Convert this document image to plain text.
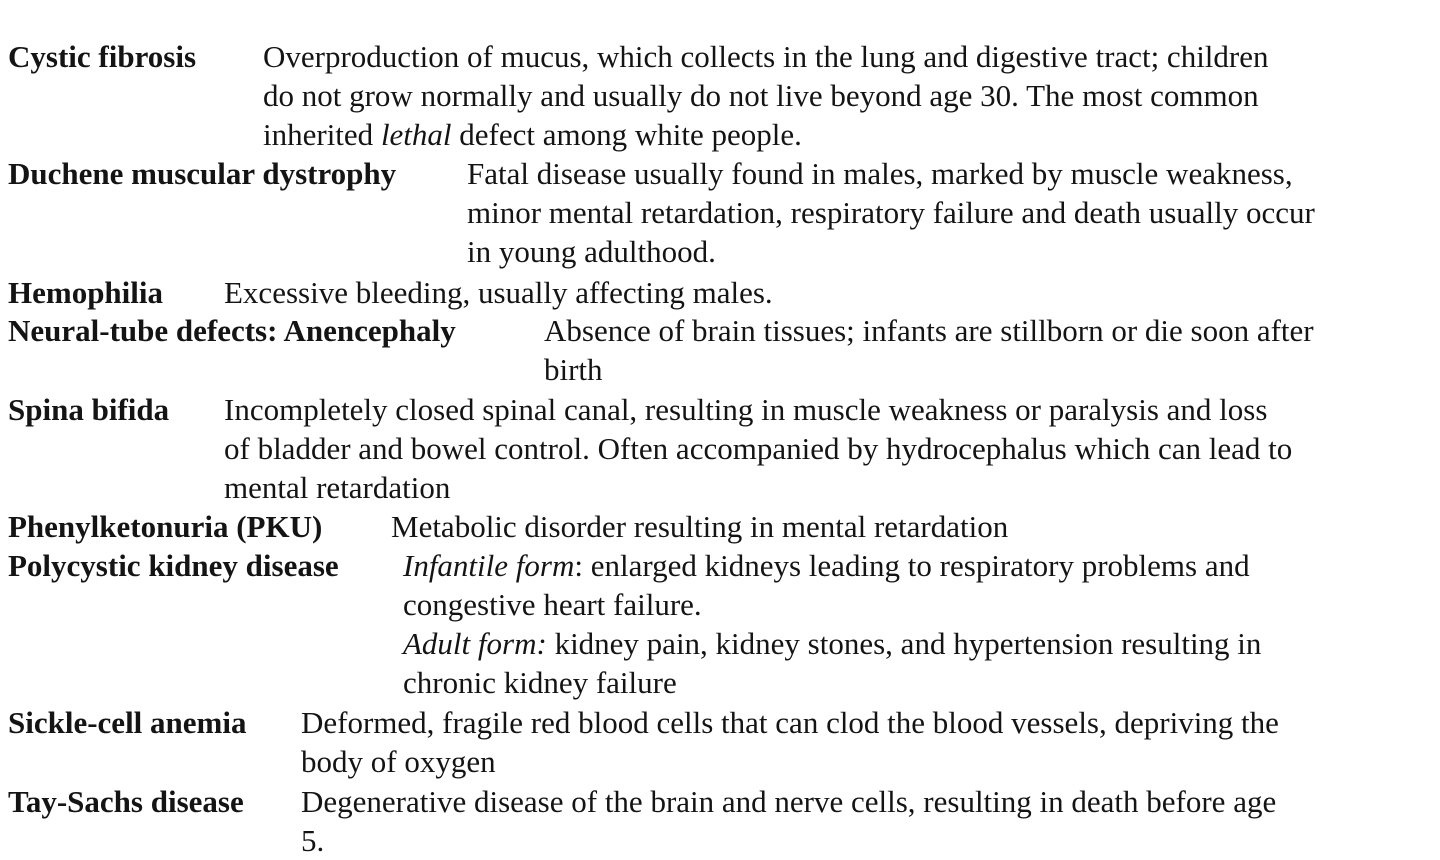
Cystic fibrosis Overproduction of mucus, which collects in the lung and digestive tract; children
do not grow normally and usually do not live beyond age 30. The most common
inherited lethal defect among white people.
Duchene muscular dystrophy Fatal disease usually found in males, marked by muscle weakness,
minor mental retardation, respiratory failure and death usually occur
in young adulthood.
Hemophilia Excessive bleeding, usually affecting males.
Neural-tube defects: Anencephaly	Absence of brain tissues; infants are stillborn or die soon after
birth
Spina bifida Incompletely closed spinal canal, resulting in muscle weakness or paralysis and loss
of bladder and bowel control. Often accompanied by hydrocephalus which can lead to
mental retardation
Phenylketonuria (PKU) Metabolic disorder resulting in mental retardation
Polycystic kidney disease Infantile form: enlarged kidneys leading to respiratory problems and
congestive heart failure.
Adult form: kidney pain, kidney stones, and hypertension resulting in
chronic kidney failure
Sickle-cell anemia Deformed, fragile red blood cells that can clod the blood vessels, depriving the
body of oxygen
Tay-Sachs disease Degenerative disease of the brain and nerve cells, resulting in death before age
5.
